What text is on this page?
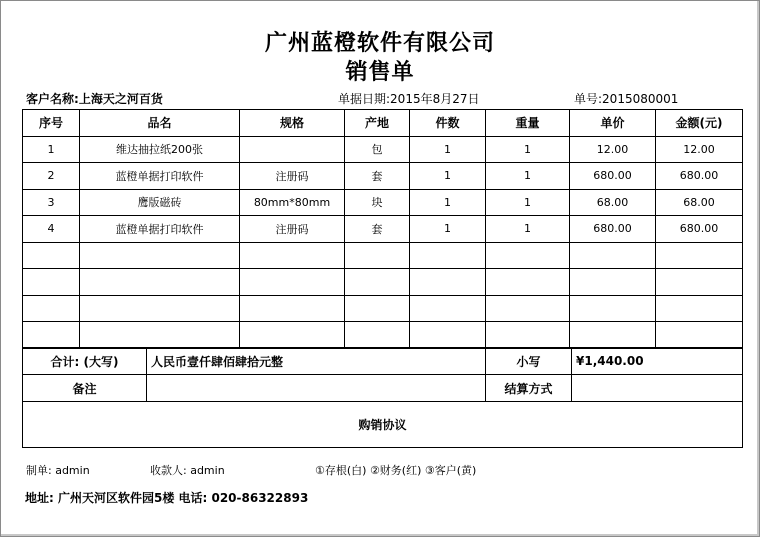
广州蓝橙软件有限公司
销售单
客户名称:上海天之河百货	单据日期:2015年8月27日	单号:2015080001
序号	品名	规格	产地	件数	重量	单价	金额(元)
1	维达抽拉纸200张		包	1	1	12.00	12.00
2	蓝橙单据打印软件	注册码	套	1	1	680.00	680.00
3	鹰版磁砖	80mm*80mm	块	1	1	68.00	68.00
4	蓝橙单据打印软件	注册码	套	1	1	680.00	680.00

合计: (大写)	人民币壹仟肆佰肆拾元整	小写	¥1,440.00
备注		结算方式	
购销协议			
制单: admin	收款人: admin	①存根(白) ②财务(红) ③客户(黄)
地址: 广州天河区软件园5楼 电话: 020-86322893
